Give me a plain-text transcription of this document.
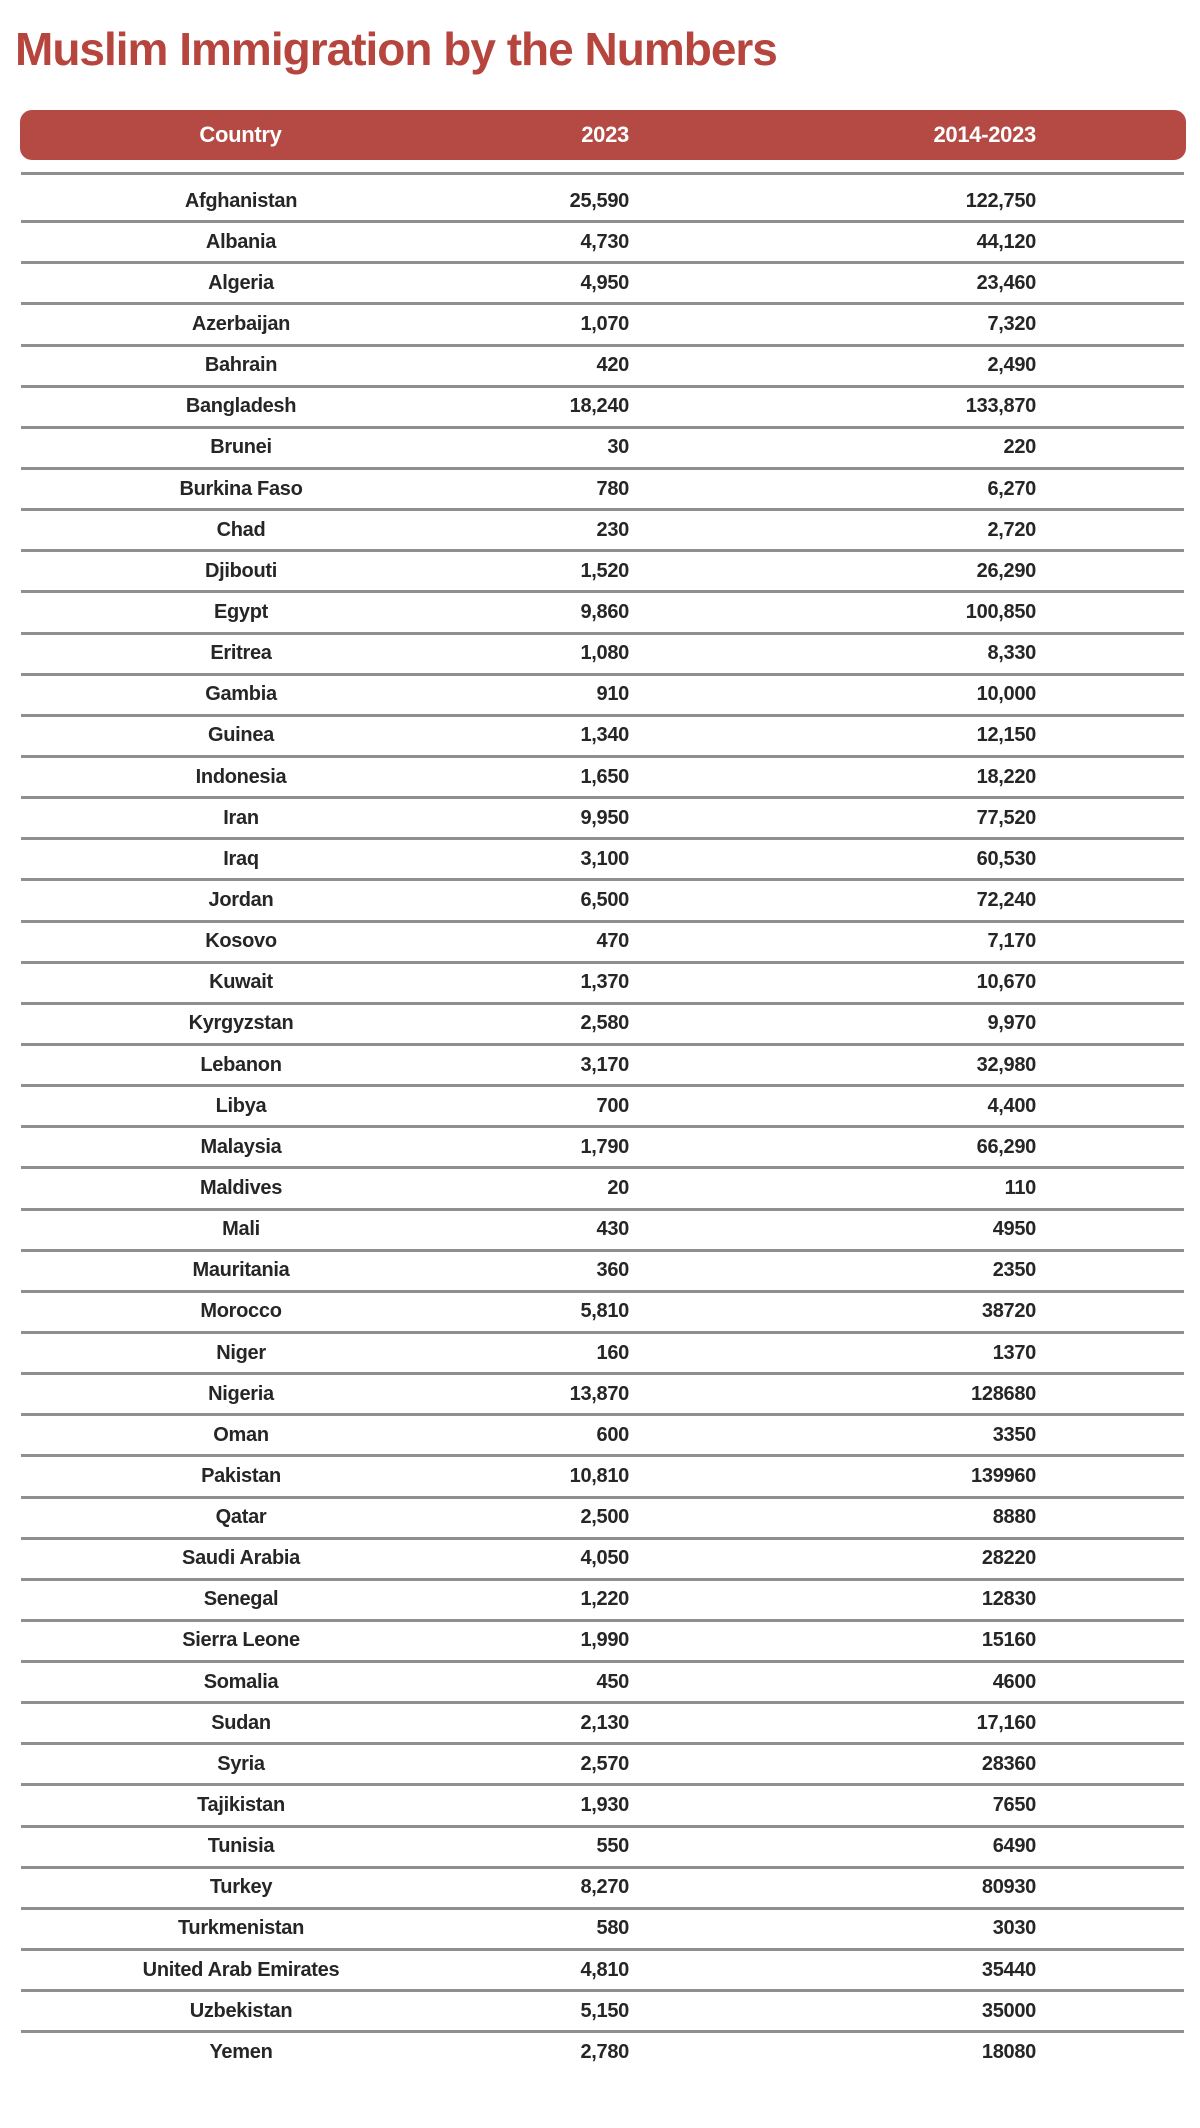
Muslim Immigration by the Numbers
Country	2023	2014-2023
Afghanistan	25,590	122,750
Albania	4,730	44,120
Algeria	4,950	23,460
Azerbaijan	1,070	7,320
Bahrain	420	2,490
Bangladesh	18,240	133,870
Brunei	30	220
Burkina Faso	780	6,270
Chad	230	2,720
Djibouti	1,520	26,290
Egypt	9,860	100,850
Eritrea	1,080	8,330
Gambia	910	10,000
Guinea	1,340	12,150
Indonesia	1,650	18,220
Iran	9,950	77,520
Iraq	3,100	60,530
Jordan	6,500	72,240
Kosovo	470	7,170
Kuwait	1,370	10,670
Kyrgyzstan	2,580	9,970
Lebanon	3,170	32,980
Libya	700	4,400
Malaysia	1,790	66,290
Maldives	20	110
Mali	430	4950
Mauritania	360	2350
Morocco	5,810	38720
Niger	160	1370
Nigeria	13,870	128680
Oman	600	3350
Pakistan	10,810	139960
Qatar	2,500	8880
Saudi Arabia	4,050	28220
Senegal	1,220	12830
Sierra Leone	1,990	15160
Somalia	450	4600
Sudan	2,130	17,160
Syria	2,570	28360
Tajikistan	1,930	7650
Tunisia	550	6490
Turkey	8,270	80930
Turkmenistan	580	3030
United Arab Emirates	4,810	35440
Uzbekistan	5,150	35000
Yemen	2,780	18080
